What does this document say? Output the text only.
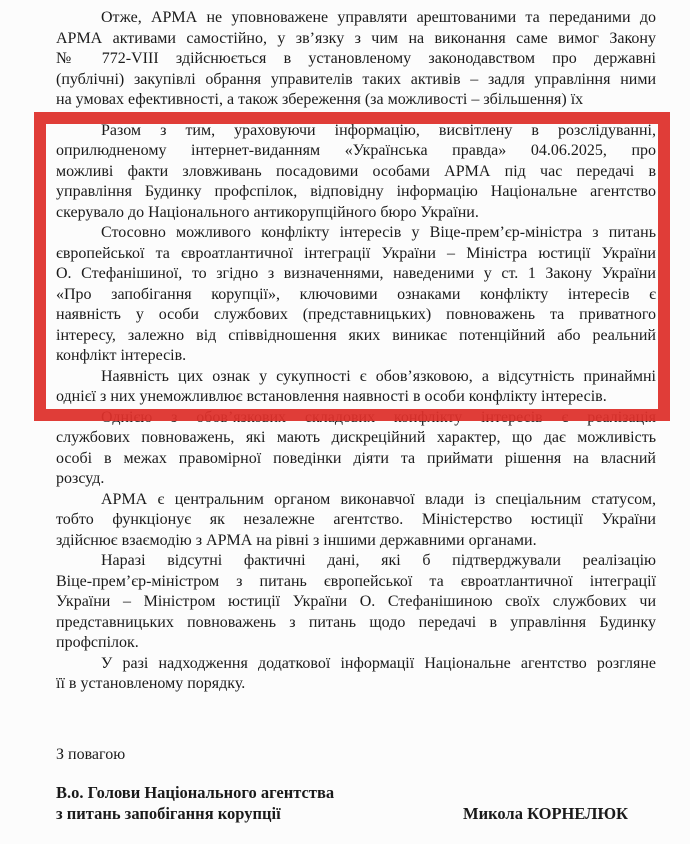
Отже, АРМА не уповноважене управляти арештованими та переданими до
АРМА активами самостійно, у зв’язку з чим на виконання саме вимог Закону
№ 772-VIII здійснюється в установленому законодавством про державні
(публічні) закупівлі обрання управителів таких активів – задля управління ними
на умовах ефективності, а також збереження (за можливості – збільшення) їх
Разом з тим, ураховуючи інформацію, висвітлену в розслідуванні,
оприлюдненому інтернет-виданням «Українська правда» 04.06.2025, про
можливі факти зловживань посадовими особами АРМА під час передачі в
управління Будинку профспілок, відповідну інформацію Національне агентство
скерувало до Національного антикорупційного бюро України.
Стосовно можливого конфлікту інтересів у Віце-прем’єр-міністра з питань
європейської та євроатлантичної інтеграції України – Міністра юстиції України
О. Стефанішиної, то згідно з визначеннями, наведеними у ст. 1 Закону України
«Про запобігання корупції», ключовими ознаками конфлікту інтересів є
наявність у особи службових (представницьких) повноважень та приватного
інтересу, залежно від співвідношення яких виникає потенційний або реальний
конфлікт інтересів.
Наявність цих ознак у сукупності є обов’язковою, а відсутність принаймні
однієї з них унеможливлює встановлення наявності в особи конфлікту інтересів.
Однією з обов’язкових складових конфлікту інтересів є реалізація
службових повноважень, які мають дискреційний характер, що дає можливість
особі в межах правомірної поведінки діяти та приймати рішення на власний
розсуд.
АРМА є центральним органом виконавчої влади із спеціальним статусом,
тобто функціонує як незалежне агентство. Міністерство юстиції України
здійснює взаємодію з АРМА на рівні з іншими державними органами.
Наразі відсутні фактичні дані, які б підтверджували реалізацію
Віце-прем’єр-міністром з питань європейської та євроатлантичної інтеграції
України – Міністром юстиції України О. Стефанішиною своїх службових чи
представницьких повноважень з питань щодо передачі в управління Будинку
профспілок.
У разі надходження додаткової інформації Національне агентство розгляне
її в установленому порядку.
З повагою
В.о. Голови Національного агентства
з питань запобігання корупції	Микола КОРНЕЛЮК
